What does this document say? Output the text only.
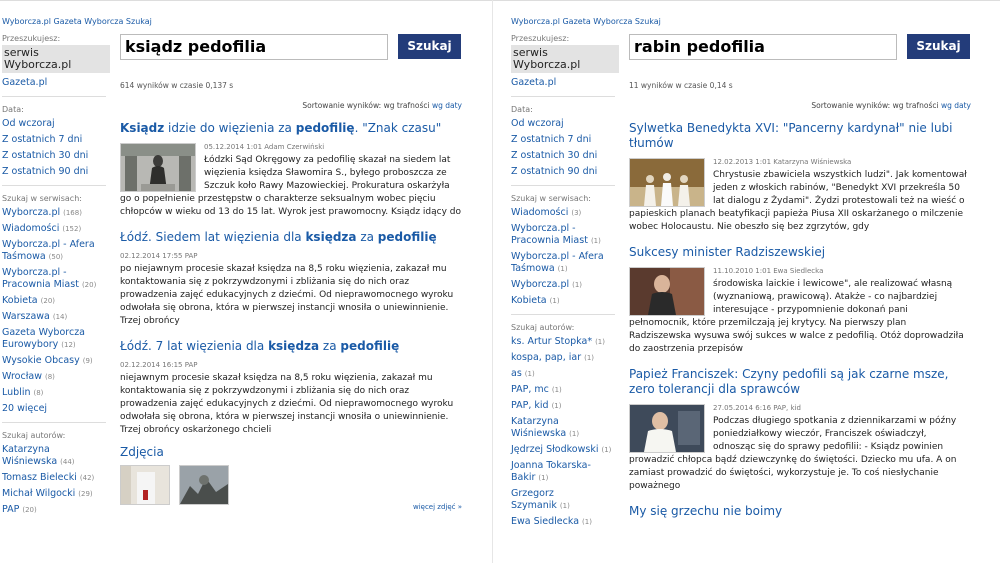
Wyborcza.pl Gazeta Wyborcza Szukaj
Przeszukujesz:
serwis Wyborcza.pl
Gazeta.pl
Data:
Od wczoraj
Z ostatnich 7 dni
Z ostatnich 30 dni
Z ostatnich 90 dni
Szukaj w serwisach:
Wyborcza.pl (168)
Wiadomości (152)
Wyborcza.pl - Afera Taśmowa (50)
Wyborcza.pl - Pracownia Miast (20)
Kobieta (20)
Warszawa (14)
Gazeta Wyborcza Eurowybory (12)
Wysokie Obcasy (9)
Wrocław (8)
Lublin (8)
20 więcej
Szukaj autorów:
Katarzyna Wiśniewska (44)
Tomasz Bielecki (42)
Michał Wilgocki (29)
PAP (20)
ksiądz pedofilia	Szukaj
614 wyników w czasie 0,137 s
Sortowanie wyników: wg trafności wg daty
Ksiądz idzie do więzienia za pedofilię. "Znak czasu"
05.12.2014 1:01 Adam Czerwiński
Łódzki Sąd Okręgowy za pedofilię skazał na siedem lat więzienia księdza Sławomira S., byłego proboszcza ze Szczuk koło Rawy Mazowieckiej. Prokuratura oskarżyła go o popełnienie przestępstw o charakterze seksualnym wobec pięciu chłopców w wieku od 13 do 15 lat. Wyrok jest prawomocny. Ksiądz idący do
Łódź. Siedem lat więzienia dla księdza za pedofilię
02.12.2014 17:55 PAP
po niejawnym procesie skazał księdza na 8,5 roku więzienia, zakazał mu kontaktowania się z pokrzywdzonymi i zbliżania się do nich oraz prowadzenia zajęć edukacyjnych z dziećmi. Od nieprawomocnego wyroku odwołała się obrona, która w pierwszej instancji wnosiła o uniewinnienie. Trzej obrońcy
Łódź. 7 lat więzienia dla księdza za pedofilię
02.12.2014 16:15 PAP
niejawnym procesie skazał księdza na 8,5 roku więzienia, zakazał mu kontaktowania się z pokrzywdzonymi i zbliżania się do nich oraz prowadzenia zajęć edukacyjnych z dziećmi. Od nieprawomocnego wyroku odwołała się obrona, która w pierwszej instancji wnosiła o uniewinnienie. Trzej obrońcy oskarżonego chcieli
Zdjęcia

więcej zdjęć »
Wyborcza.pl Gazeta Wyborcza Szukaj
Przeszukujesz:
serwis Wyborcza.pl
Gazeta.pl
Data:
Od wczoraj
Z ostatnich 7 dni
Z ostatnich 30 dni
Z ostatnich 90 dni
Szukaj w serwisach:
Wiadomości (3)
Wyborcza.pl - Pracownia Miast (1)
Wyborcza.pl - Afera Taśmowa (1)
Wyborcza.pl (1)
Kobieta (1)
Szukaj autorów:
ks. Artur Stopka* (1)
kospa, pap, iar (1)
as (1)
PAP, mc (1)
PAP, kid (1)
Katarzyna Wiśniewska (1)
Jędrzej Słodkowski (1)
Joanna Tokarska-Bakir (1)
Grzegorz Szymanik (1)
Ewa Siedlecka (1)
rabin pedofilia	Szukaj
11 wyników w czasie 0,14 s
Sortowanie wyników: wg trafności wg daty
Sylwetka Benedykta XVI: "Pancerny kardynał" nie lubi tłumów
12.02.2013 1:01 Katarzyna Wiśniewska
Chrystusie zbawiciela wszystkich ludzi". Jak komentował jeden z włoskich rabinów, "Benedykt XVI przekreśla 50 lat dialogu z Żydami". Żydzi protestowali też na wieść o papieskich planach beatyfikacji papieża Piusa XII oskarżanego o milczenie wobec Holocaustu. Nie obeszło się bez zgrzytów, gdy
Sukcesy minister Radziszewskiej
11.10.2010 1:01 Ewa Siedlecka
środowiska laickie i lewicowe", ale realizować własną (wyznaniową, prawicową). Atakże - co najbardziej interesujące - przypomnienie dokonań pani pełnomocnik, które przemilczają jej krytycy. Na pierwszy plan Radziszewska wysuwa swój sukces w walce z pedofilią. Otóż doprowadziła do zaostrzenia przepisów
Papież Franciszek: Czyny pedofili są jak czarne msze, zero tolerancji dla sprawców
27.05.2014 6:16 PAP, kid
Podczas długiego spotkania z dziennikarzami w późny poniedziałkowy wieczór, Franciszek oświadczył, odnosząc się do sprawy pedofilii: - Ksiądz powinien prowadzić chłopca bądź dziewczynkę do świętości. Dziecko mu ufa. A on zamiast prowadzić do świętości, wykorzystuje je. To coś niesłychanie poważnego
My się grzechu nie boimy
